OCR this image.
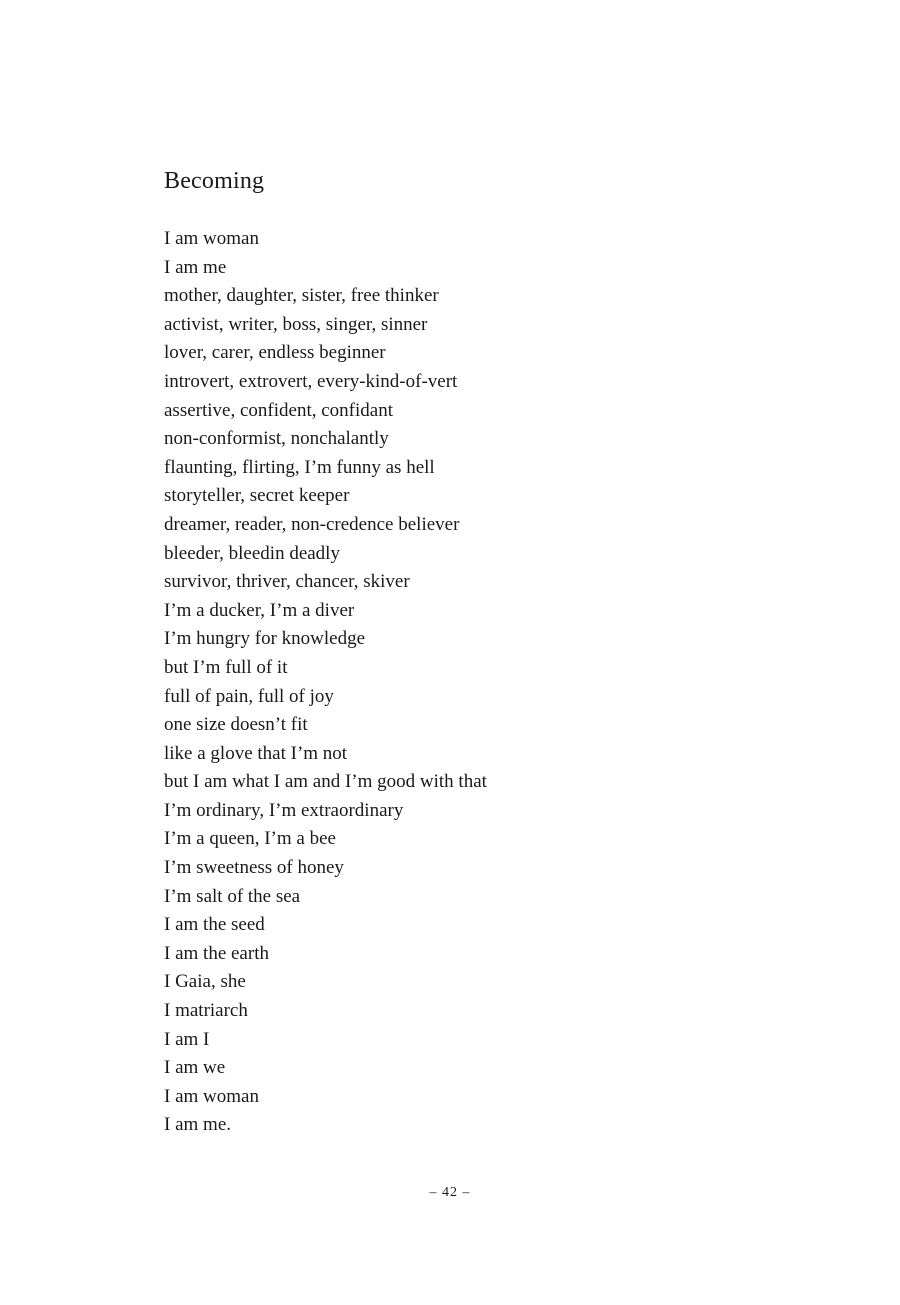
Becoming
I am woman
I am me
mother, daughter, sister, free thinker
activist, writer, boss, singer, sinner
lover, carer, endless beginner
introvert, extrovert, every-kind-of-vert
assertive, confident, confidant
non-conformist, nonchalantly
flaunting, flirting, I’m funny as hell
storyteller, secret keeper
dreamer, reader, non-credence believer
bleeder, bleedin deadly
survivor, thriver, chancer, skiver
I’m a ducker, I’m a diver
I’m hungry for knowledge
but I’m full of it
full of pain, full of joy
one size doesn’t fit
like a glove that I’m not
but I am what I am and I’m good with that
I’m ordinary, I’m extraordinary
I’m a queen, I’m a bee
I’m sweetness of honey
I’m salt of the sea
I am the seed
I am the earth
I Gaia, she
I matriarch
I am I
I am we
I am woman
I am me.
– 42 –
